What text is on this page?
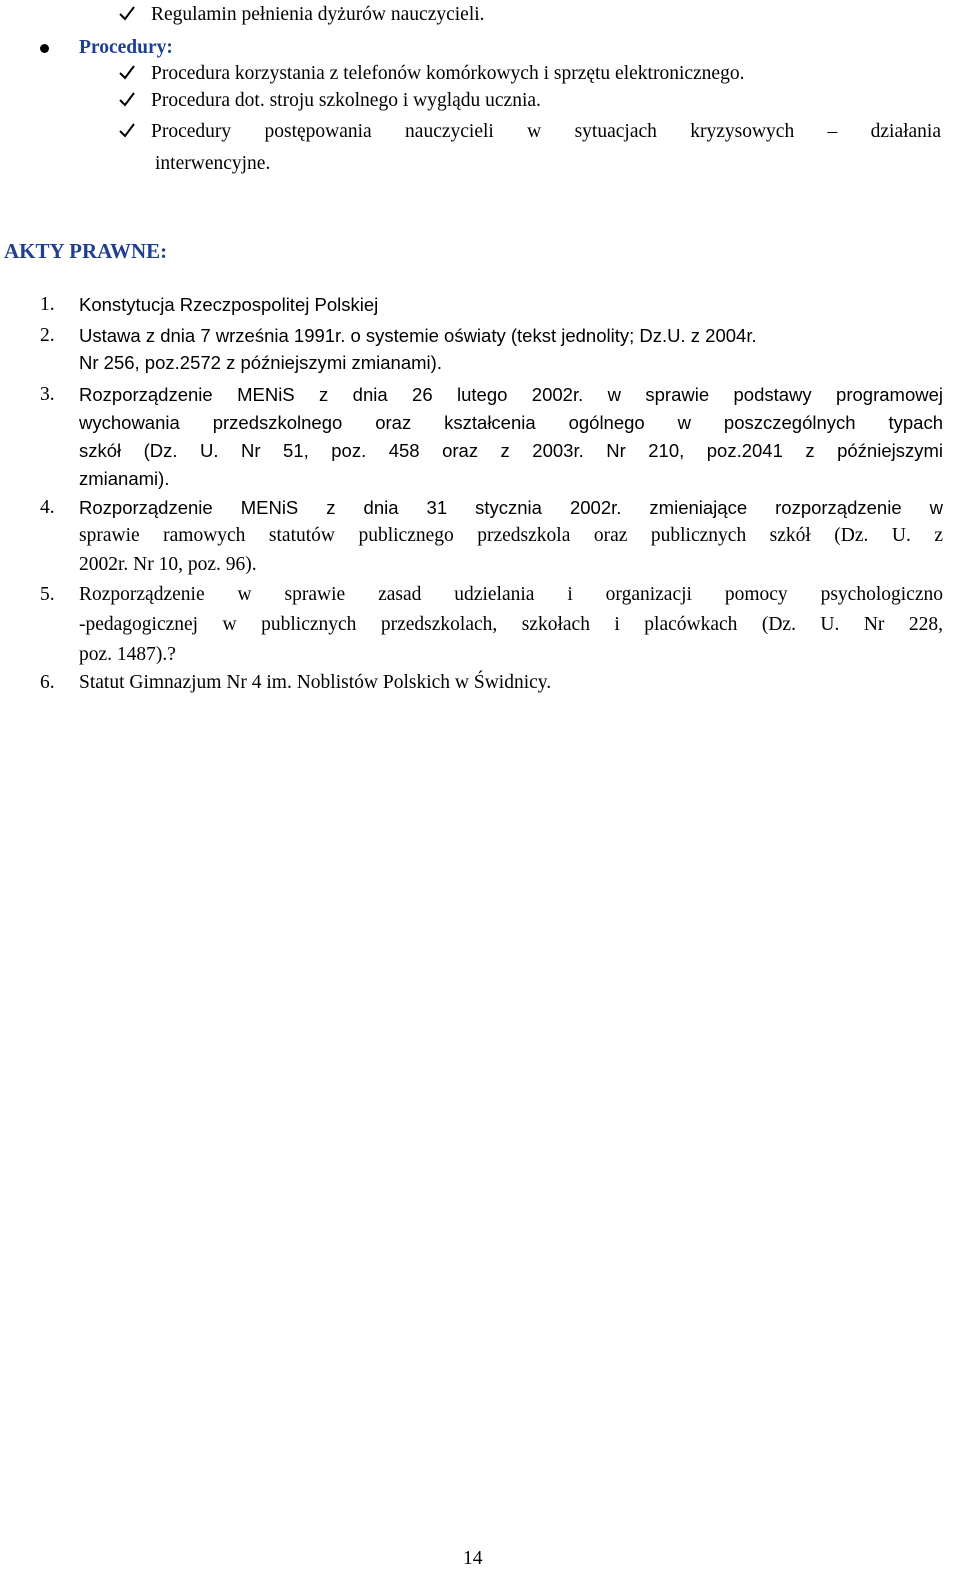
Regulamin pełnienia dyżurów nauczycieli.
Procedury:
Procedura korzystania z telefonów komórkowych i sprzętu elektronicznego.
Procedura dot. stroju szkolnego i wyglądu ucznia.
Procedury postępowania nauczycieli w sytuacjach kryzysowych – działania
interwencyjne.
AKTY PRAWNE:
1. Konstytucja Rzeczpospolitej Polskiej
2. Ustawa z dnia 7 września 1991r. o systemie oświaty (tekst jednolity; Dz.U. z 2004r.
Nr 256, poz.2572 z późniejszymi zmianami).
3. Rozporządzenie MENiS z dnia 26 lutego 2002r. w sprawie podstawy programowej
wychowania przedszkolnego oraz kształcenia ogólnego w poszczególnych typach
szkół (Dz. U. Nr 51, poz. 458 oraz z 2003r. Nr 210, poz.2041 z późniejszymi
zmianami).
4. Rozporządzenie MENiS z dnia 31 stycznia 2002r. zmieniające rozporządzenie w
sprawie ramowych statutów publicznego przedszkola oraz publicznych szkół (Dz. U. z
2002r. Nr 10, poz. 96).
5. Rozporządzenie w sprawie zasad udzielania i organizacji pomocy psychologiczno
-pedagogicznej w publicznych przedszkolach, szkołach i placówkach (Dz. U. Nr 228,
poz. 1487).?
6. Statut Gimnazjum Nr 4 im. Noblistów Polskich w Świdnicy.
14
